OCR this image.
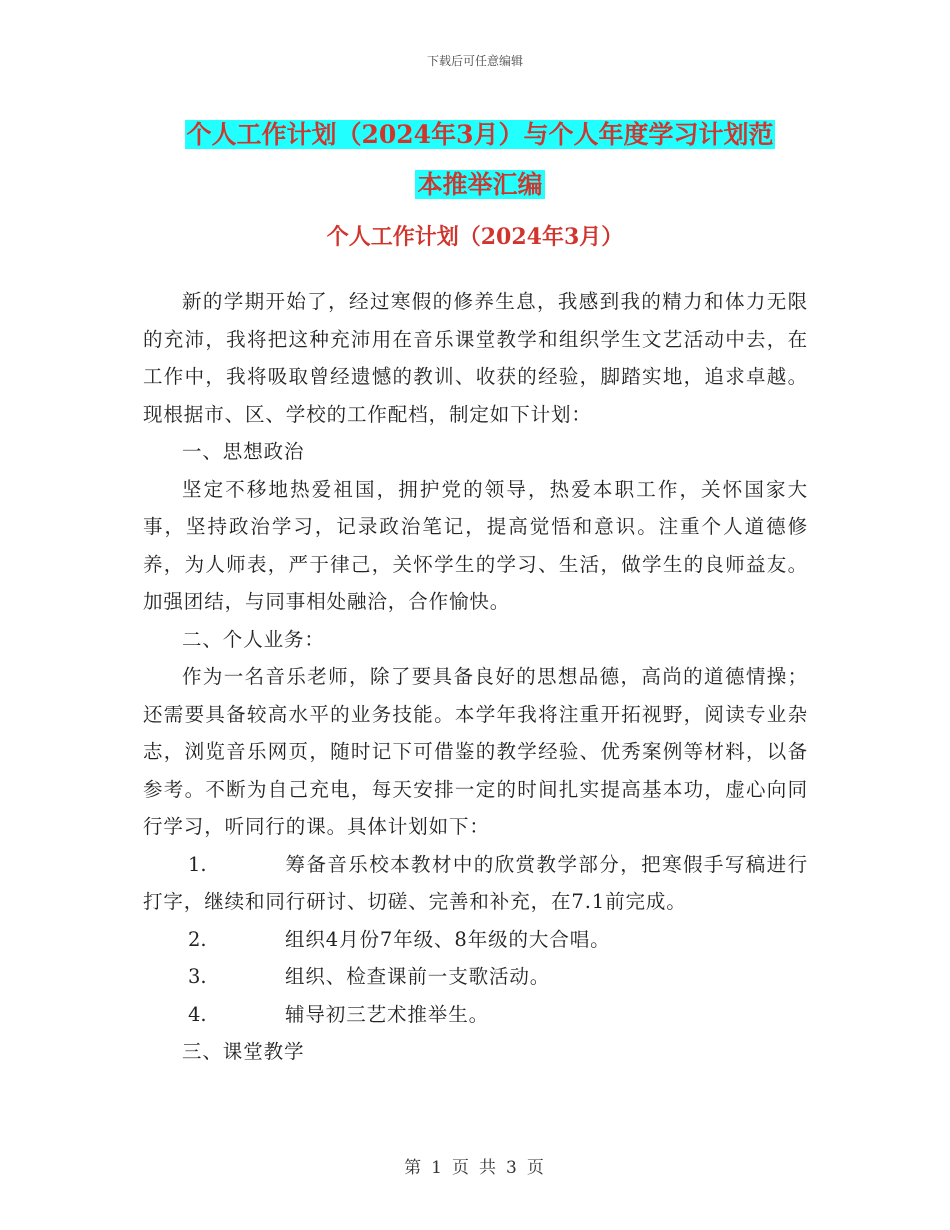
下载后可任意编辑
个人工作计划（2024年3月）与个人年度学习计划范
本推举汇编
个人工作计划（2024年3月）

新的学期开始了，经过寒假的修养生息，我感到我的精力和体力无限的充沛，我将把这种充沛用在音乐课堂教学和组织学生文艺活动中去，在工作中，我将吸取曾经遗憾的教训、收获的经验，脚踏实地，追求卓越。现根据市、区、学校的工作配档，制定如下计划：

一、思想政治

坚定不移地热爱祖国，拥护党的领导，热爱本职工作，关怀国家大事，坚持政治学习，记录政治笔记，提高觉悟和意识。注重个人道德修养，为人师表，严于律己，关怀学生的学习、生活，做学生的良师益友。加强团结，与同事相处融洽，合作愉快。

二、个人业务：

作为一名音乐老师，除了要具备良好的思想品德，高尚的道德情操；还需要具备较高水平的业务技能。本学年我将注重开拓视野，阅读专业杂志，浏览音乐网页，随时记下可借鉴的教学经验、优秀案例等材料，以备参考。不断为自己充电，每天安排一定的时间扎实提高基本功，虚心向同行学习，听同行的课。具体计划如下：

1.	筹备音乐校本教材中的欣赏教学部分，把寒假手写稿进行打字，继续和同行研讨、切磋、完善和补充，在7.1前完成。
2.	组织4月份7年级、8年级的大合唱。
3.	组织、检查课前一支歌活动。
4.	辅导初三艺术推举生。

三、课堂教学

第 1 页 共 3 页
